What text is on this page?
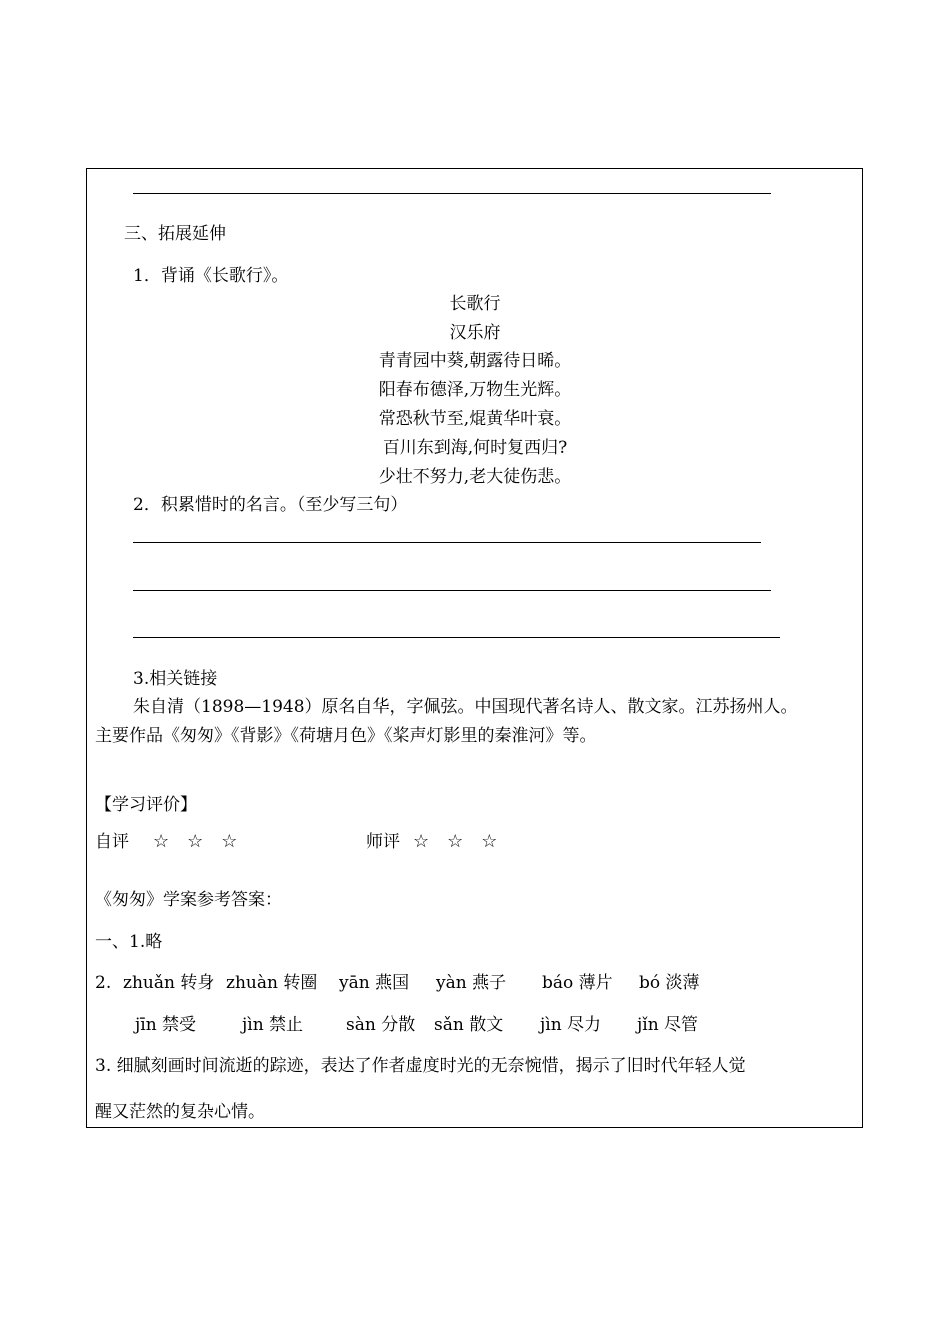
三、拓展延伸
1．背诵《长歌行》。
长歌行
汉乐府
青青园中葵,朝露待日晞。
阳春布德泽,万物生光辉。
常恐秋节至,焜黄华叶衰。
百川东到海,何时复西归?
少壮不努力,老大徒伤悲。
2．积累惜时的名言。（至少写三句）
3.相关链接
朱自清（1898—1948）原名自华，字佩弦。中国现代著名诗人、散文家。江苏扬州人。
主要作品《匆匆》《背影》《荷塘月色》《桨声灯影里的秦淮河》等。
【学习评价】
自评 ☆　☆　☆	师评 ☆　☆　☆
《匆匆》学案参考答案：
一、1.略
2. zhuǎn 转身 zhuàn 转圈 yān 燕国 yàn 燕子 báo 薄片 bó 淡薄
jīn 禁受	jìn 禁止	sàn 分散 sǎn 散文 jìn 尽力 jǐn 尽管
3. 细腻刻画时间流逝的踪迹，表达了作者虚度时光的无奈惋惜，揭示了旧时代年轻人觉
醒又茫然的复杂心情。
